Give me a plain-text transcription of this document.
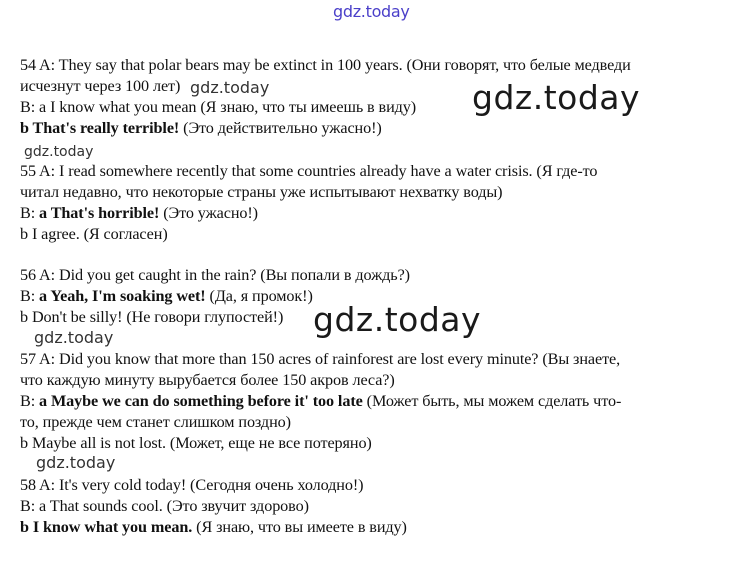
gdz.today
gdz.today	gdz.today
gdz.today
gdz.today
gdz.today
gdz.today
54 A: They say that polar bears may be extinct in 100 years. (Они говорят, что белые медведи
исчезнут через 100 лет)
B: a I know what you mean (Я знаю, что ты имеешь в виду)
b That's really terrible! (Это действительно ужасно!)
55 A: I read somewhere recently that some countries already have a water crisis. (Я где-то
читал недавно, что некоторые страны уже испытывают нехватку воды)
B: a That's horrible! (Это ужасно!)
b I agree. (Я согласен)
56 A: Did you get caught in the rain? (Вы попали в дождь?)
B: a Yeah, I'm soaking wet! (Да, я промок!)
b Don't be silly! (Не говори глупостей!)
57 A: Did you know that more than 150 acres of rainforest are lost every minute? (Вы знаете,
что каждую минуту вырубается более 150 акров леса?)
B: a Maybe we can do something before it' too late (Может быть, мы можем сделать что-
то, прежде чем станет слишком поздно)
b Maybe all is not lost. (Может, еще не все потеряно)
58 A: It's very cold today! (Сегодня очень холодно!)
B: a That sounds cool. (Это звучит здорово)
b I know what you mean. (Я знаю, что вы имеете в виду)
